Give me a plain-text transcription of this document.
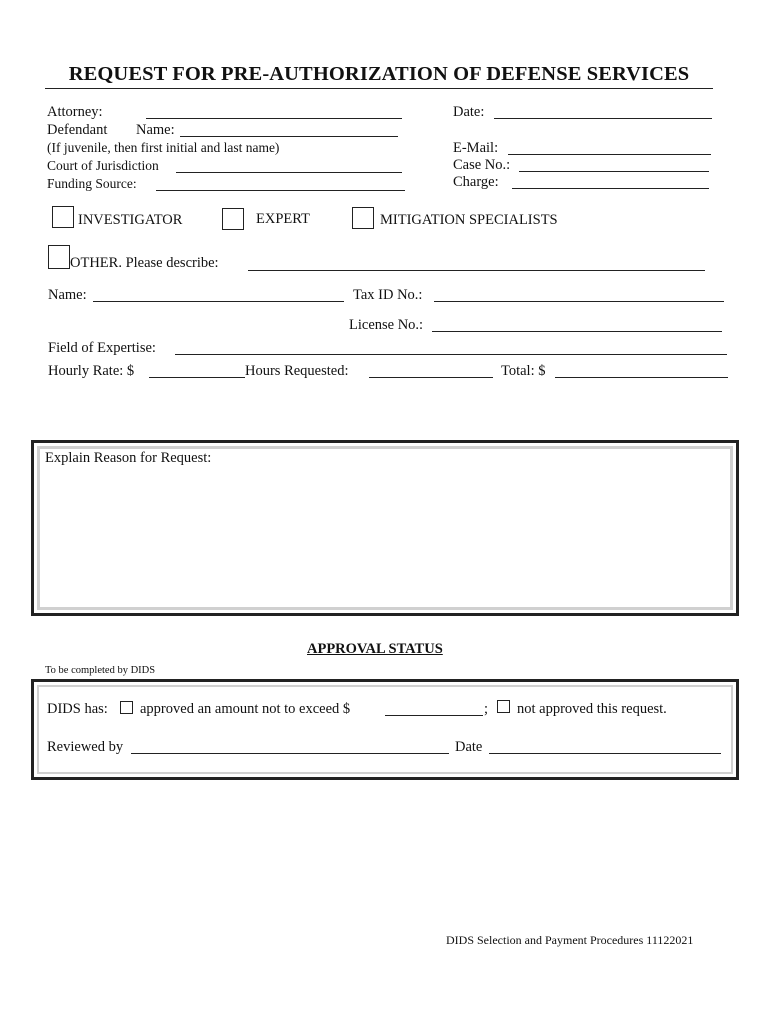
REQUEST FOR PRE-AUTHORIZATION OF DEFENSE SERVICES
Attorney:
Defendant Name:
(If juvenile, then first initial and last name)
Court of Jurisdiction
Funding Source:
Date:
E-Mail:
Case No.:
Charge:
INVESTIGATOR	EXPERT	MITIGATION SPECIALISTS
OTHER. Please describe:
Name:	Tax ID No.:
License No.:
Field of Expertise:
Hourly Rate: $	Hours Requested:	Total: $
Explain Reason for Request:
APPROVAL STATUS
To be completed by DIDS
DIDS has: approved an amount not to exceed $	; not approved this request.
Reviewed by	Date
DIDS Selection and Payment Procedures 11122021
